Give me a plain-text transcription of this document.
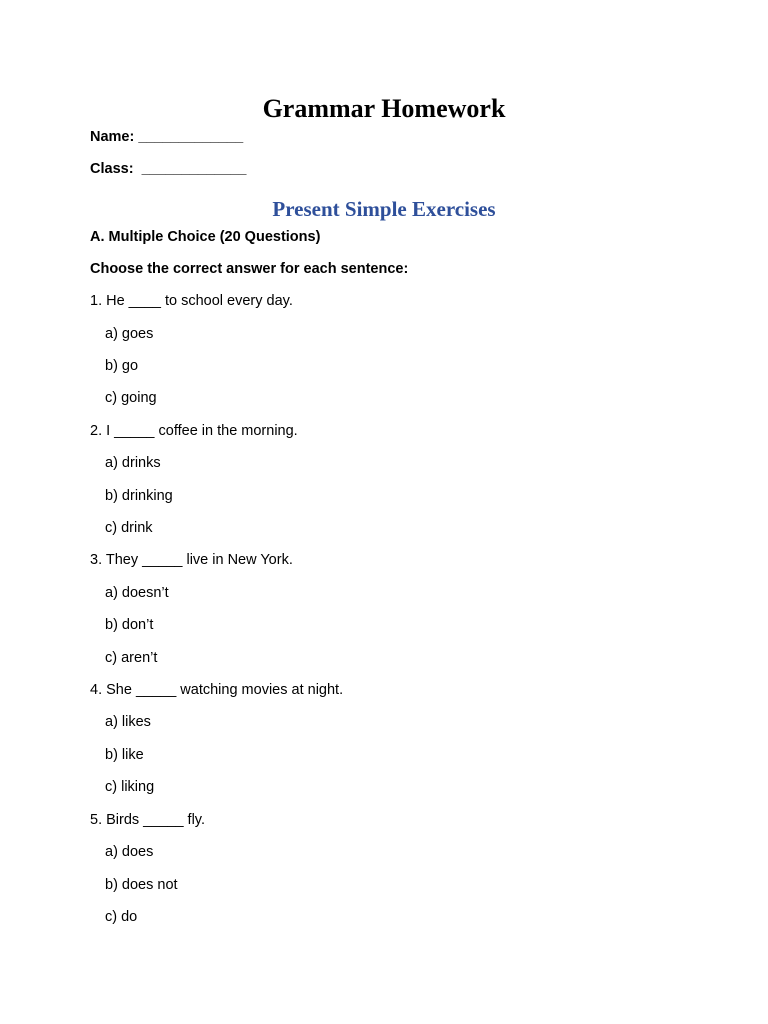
Grammar Homework
Name: _____________
Class:  _____________
Present Simple Exercises
A. Multiple Choice (20 Questions)
Choose the correct answer for each sentence:
1. He ____ to school every day.
a) goes
b) go
c) going
2. I _____ coffee in the morning.
a) drinks
b) drinking
c) drink
3. They _____ live in New York.
a) doesn’t
b) don’t
c) aren’t
4. She _____ watching movies at night.
a) likes
b) like
c) liking
5. Birds _____ fly.
a) does
b) does not
c) do
